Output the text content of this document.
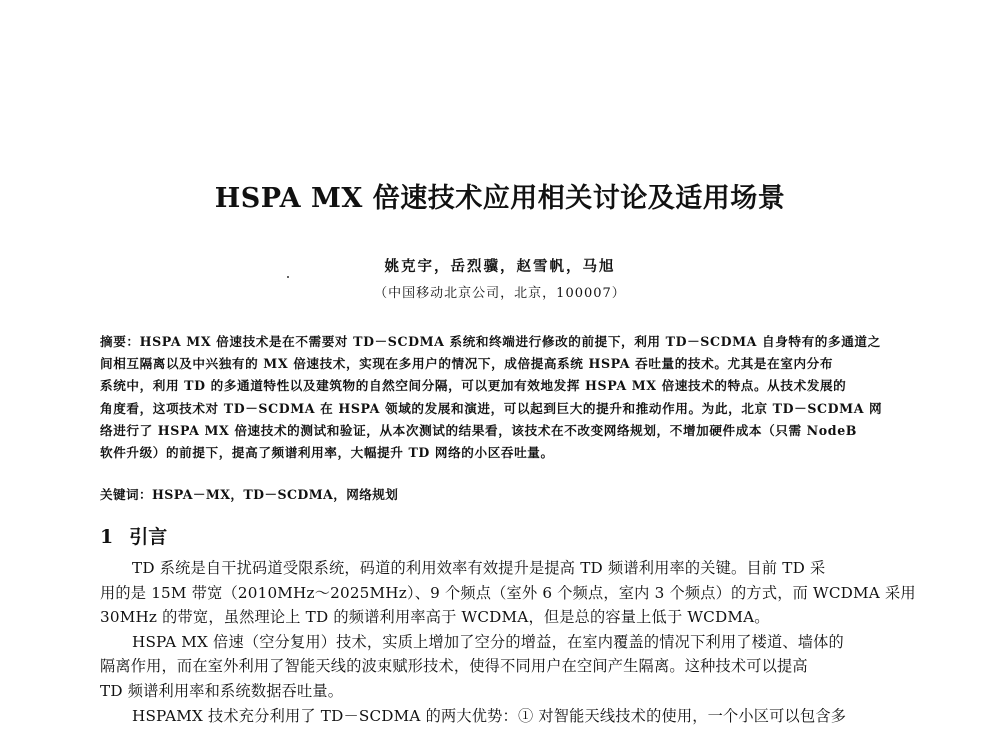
HSPA MX 倍速技术应用相关讨论及适用场景
姚克宇，岳烈骥，赵雪帆，马旭
（中国移动北京公司，北京，100007）
摘要：HSPA MX 倍速技术是在不需要对 TD－SCDMA 系统和终端进行修改的前提下，利用 TD－SCDMA 自身特有的多通道之
间相互隔离以及中兴独有的 MX 倍速技术，实现在多用户的情况下，成倍提高系统 HSPA 吞吐量的技术。尤其是在室内分布
系统中，利用 TD 的多通道特性以及建筑物的自然空间分隔，可以更加有效地发挥 HSPA MX 倍速技术的特点。从技术发展的
角度看，这项技术对 TD－SCDMA 在 HSPA 领域的发展和演进，可以起到巨大的提升和推动作用。为此，北京 TD－SCDMA 网
络进行了 HSPA MX 倍速技术的测试和验证，从本次测试的结果看，该技术在不改变网络规划，不增加硬件成本（只需 NodeB
软件升级）的前提下，提高了频谱利用率，大幅提升 TD 网络的小区吞吐量。
关键词：HSPA－MX，TD－SCDMA，网络规划
1 引言
TD 系统是自干扰码道受限系统，码道的利用效率有效提升是提高 TD 频谱利用率的关键。目前 TD 采
用的是 15M 带宽（2010MHz～2025MHz）、9 个频点（室外 6 个频点，室内 3 个频点）的方式，而 WCDMA 采用
30MHz 的带宽，虽然理论上 TD 的频谱利用率高于 WCDMA，但是总的容量上低于 WCDMA。
HSPA MX 倍速（空分复用）技术，实质上增加了空分的增益，在室内覆盖的情况下利用了楼道、墙体的
隔离作用，而在室外利用了智能天线的波束赋形技术，使得不同用户在空间产生隔离。这种技术可以提高
TD 频谱利用率和系统数据吞吐量。
HSPAMX 技术充分利用了 TD－SCDMA 的两大优势：① 对智能天线技术的使用，一个小区可以包含多
